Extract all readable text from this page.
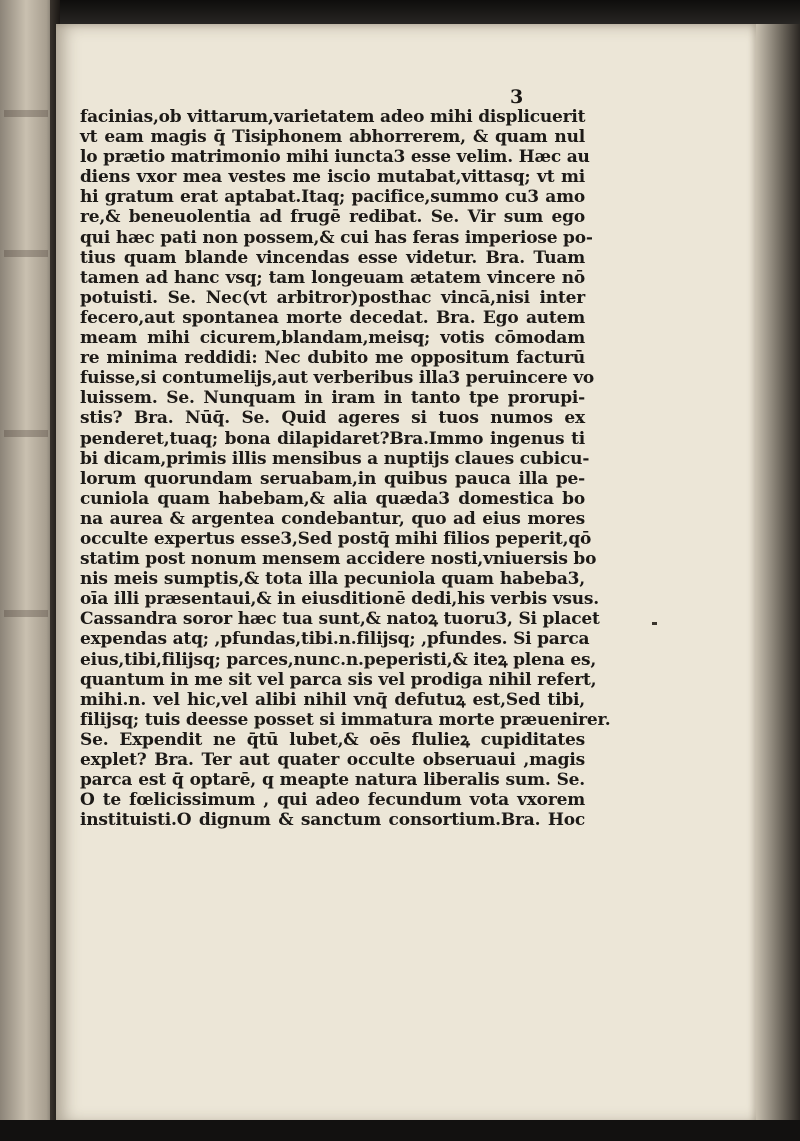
3
facinias,ob vittarum,varietatem adeo mihi displicuerit
vt eam magis q̄ Tisiphonem abhorrerem, & quam nul
lo prætio matrimonio mihi iuncta3 esse velim. Hæc au
diens vxor mea vestes me iscio mutabat,vittasq; vt mi
hi gratum erat aptabat.Itaq; pacifice,summo cu3 amo
re,& beneuolentia ad frugē redibat. Se. Vir sum ego
qui hæc pati non possem,& cui has feras imperiose po-
tius quam blande vincendas esse videtur. Bra. Tuam
tamen ad hanc vsq; tam longeuam ætatem vincere nō
potuisti. Se. Nec(vt arbitror)posthac vincā,nisi inter
fecero,aut spontanea morte decedat. Bra. Ego autem
meam mihi cicurem,blandam,meisq; votis cōmodam
re minima reddidi: Nec dubito me oppositum facturū
fuisse,si contumelijs,aut verberibus illa3 peruincere vo
luissem. Se. Nunquam in iram in tanto tpe prorupi-
stis? Bra. Nūq̄. Se. Quid ageres si tuos numos ex
penderet,tuaq; bona dilapidaret?Bra.Immo ingenus ti
bi dicam,primis illis mensibus a nuptijs claues cubicu-
lorum quorundam seruabam,in quibus pauca illa pe-
cuniola quam habebam,& alia quæda3 domestica bo
na aurea & argentea condebantur, quo ad eius mores
occulte expertus esse3,Sed postq̄ mihi filios peperit,qō
statim post nonum mensem accidere nosti,vniuersis bo
nis meis sumptis,& tota illa pecuniola quam habeba3,
oīa illi præsentaui,& in eiusditionē dedi,his verbis vsus.
Cassandra soror hæc tua sunt,& natoꝝ tuoru3, Si placet
expendas atq; ,pfundas,tibi.n.filijsq; ,pfundes. Si parca
eius,tibi,filijsq; parces,nunc.n.peperisti,& iteꝝ plena es,
quantum in me sit vel parca sis vel prodiga nihil refert,
mihi.n. vel hic,vel alibi nihil vnq̄ defutuꝝ est,Sed tibi,
filijsq; tuis deesse posset si immatura morte præuenirer.
Se. Expendit ne q̄tū lubet,& oēs flulieꝝ cupiditates
explet? Bra. Ter aut quater occulte obseruaui ,magis
parca est q̄ optarē, q meapte natura liberalis sum. Se.
O te fœlicissimum , qui adeo fecundum vota vxorem
instituisti.O dignum & sanctum consortium.Bra. Hoc
